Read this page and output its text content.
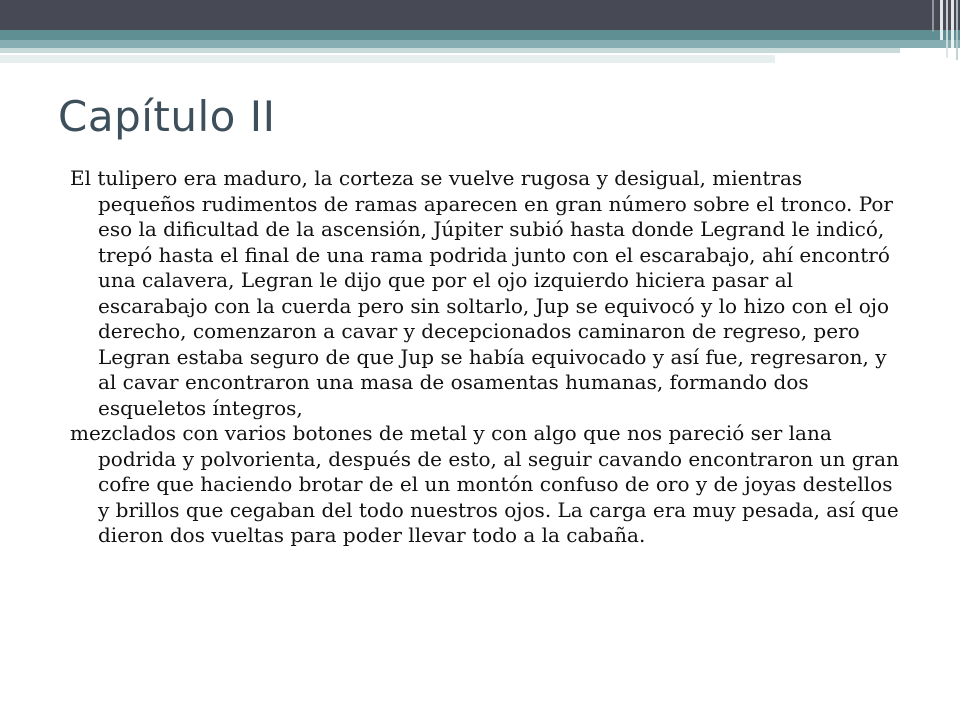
Capítulo II

El tulipero era maduro, la corteza se vuelve rugosa y desigual, mientras pequeños rudimentos de ramas aparecen en gran número sobre el tronco. Por eso la dificultad de la ascensión, Júpiter subió hasta donde Legrand le indicó, trepó hasta el final de una rama podrida junto con el escarabajo, ahí encontró una calavera, Legran le dijo que por el ojo izquierdo hiciera pasar al escarabajo con la cuerda pero sin soltarlo, Jup se equivocó y lo hizo con el ojo derecho, comenzaron a cavar y decepcionados caminaron de regreso, pero Legran estaba seguro de que Jup se había equivocado y así fue, regresaron, y al cavar encontraron una masa de osamentas humanas, formando dos esqueletos íntegros,

mezclados con varios botones de metal y con algo que nos pareció ser lana podrida y polvorienta, después de esto, al seguir cavando encontraron un gran cofre que haciendo brotar de el un montón confuso de oro y de joyas destellos y brillos que cegaban del todo nuestros ojos. La carga era muy pesada, así que dieron dos vueltas para poder llevar todo a la cabaña.
